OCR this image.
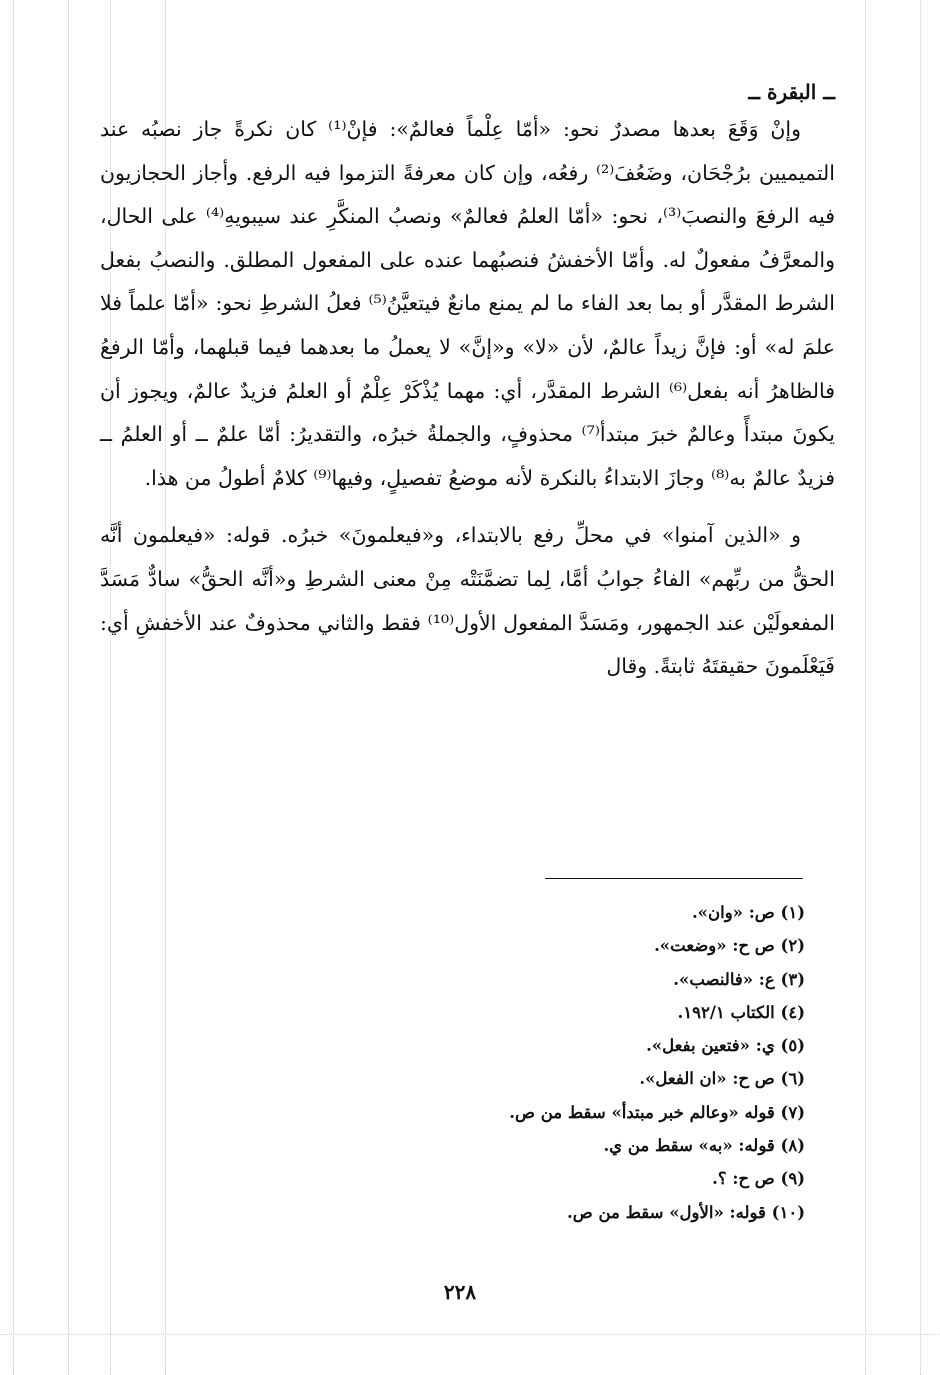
ــ البقرة ــ

وإنْ وَقَعَ بعدها مصدرٌ نحو: «أمّا عِلْماً فعالمٌ»: فإنْ⁽¹⁾ كان نكرةً جاز نصبُه عند التميميين برُجْحَان، وضَعُفَ⁽²⁾ رفعُه، وإن كان معرفةً التزموا فيه الرفع. وأجاز الحجازيون فيه الرفعَ والنصبَ⁽³⁾، نحو: «أمّا العلمُ فعالمٌ» ونصبُ المنكَّرِ عند سيبويهِ⁽⁴⁾ على الحال، والمعرَّفُ مفعولٌ له. وأمّا الأخفشُ فنصبُهما عنده على المفعول المطلق. والنصبُ بفعل الشرط المقدَّر أو بما بعد الفاء ما لم يمنع مانعٌ فيتعيَّنُ⁽⁵⁾ فعلُ الشرطِ نحو: «أمّا علماً فلا علمَ له» أو: فإنَّ زيداً عالمٌ، لأن «لا» و«إنَّ» لا يعملُ ما بعدهما فيما قبلهما، وأمّا الرفعُ فالظاهرُ أنه بفعل⁽⁶⁾ الشرط المقدَّر، أي: مهما يُذْكَرْ عِلْمٌ أو العلمُ فزيدٌ عالمٌ، ويجوز أن يكونَ مبتدأً وعالمٌ خبرَ مبتدأ⁽⁷⁾ محذوفٍ، والجملةُ خبرُه، والتقديرُ: أمّا علمٌ ــ أو العلمُ ــ فزيدٌ عالمٌ به⁽⁸⁾ وجازَ الابتداءُ بالنكرة لأنه موضعُ تفصيلٍ، وفيها⁽⁹⁾ كلامٌ أطولُ من هذا.

و «الذين آمنوا» في محلِّ رفع بالابتداء، و«فيعلمونَ» خبرُه. قوله: «فيعلمون أنَّه الحقُّ من ربِّهم» الفاءُ جوابُ أمَّا، لِما تضمَّنَتْه مِنْ معنى الشرطِ و«أنَّه الحقُّ» سادٌّ مَسَدَّ المفعولَيْن عند الجمهور، ومَسَدَّ المفعول الأول⁽¹⁰⁾ فقط والثاني محذوفٌ عند الأخفشِ أي: فَيَعْلَمونَ حقيقتَهُ ثابتةً. وقال

(١) ص: «وان».
(٢) ص ح: «وضعت».
(٣) ع: «فالنصب».
(٤) الكتاب ١٩٢/١.
(٥) ي: «فتعين بفعل».
(٦) ص ح: «ان الفعل».
(٧) قوله «وعالم خبر مبتدأ» سقط من ص.
(٨) قوله: «به» سقط من ي.
(٩) ص ح: ؟.
(١٠) قوله: «الأول» سقط من ص.
٢٢٨
